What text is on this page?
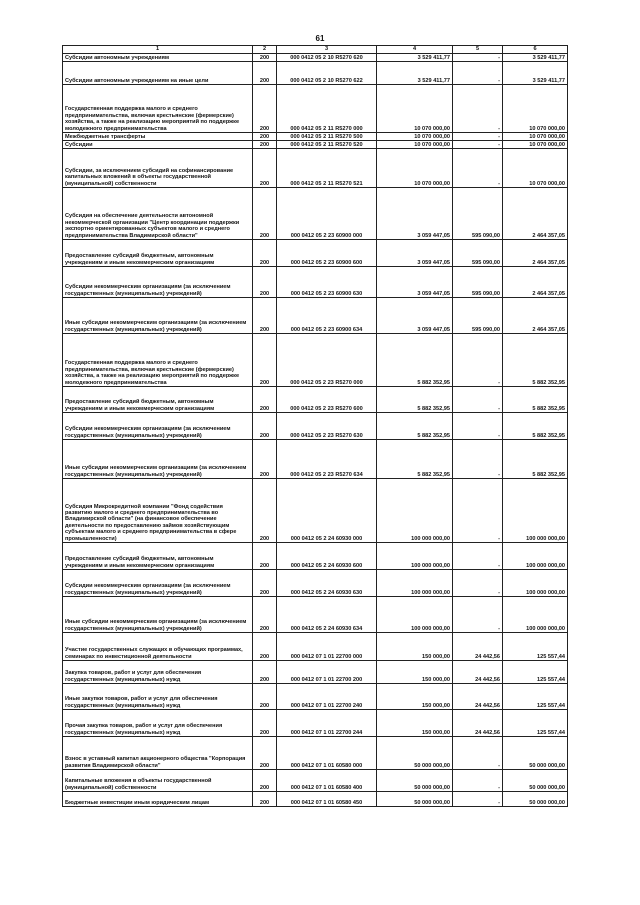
61
1	2	3	4	5	6
Субсидии автономным учреждениям	200	000 0412 05 2 10 R5270 620	3 529 411,77	-	3 529 411,77
Субсидии автономным учреждениям на иные цели	200	000 0412 05 2 10 R5270 622	3 529 411,77	-	3 529 411,77
Государственная поддержка малого и среднего предпринимательства, включая крестьянские (фермерские) хозяйства, а также на реализацию мероприятий по поддержке молодежного предпринимательства	200	000 0412 05 2 11 R5270 000	10 070 000,00	-	10 070 000,00
Межбюджетные трансферты	200	000 0412 05 2 11 R5270 500	10 070 000,00	-	10 070 000,00
Субсидии	200	000 0412 05 2 11 R5270 520	10 070 000,00	-	10 070 000,00
Субсидии, за исключением субсидий на софинансирование капитальных вложений в объекты государственной (муниципальной) собственности	200	000 0412 05 2 11 R5270 521	10 070 000,00	-	10 070 000,00
Субсидия на обеспечение деятельности автономной некоммерческой организации "Центр координации поддержки экспортно ориентированных субъектов малого и среднего предпринимательства Владимирской области"	200	000 0412 05 2 23 60900 000	3 059 447,05	595 090,00	2 464 357,05
Предоставление субсидий бюджетным, автономным учреждениям и иным некоммерческим организациям	200	000 0412 05 2 23 60900 600	3 059 447,05	595 090,00	2 464 357,05
Субсидии некоммерческим организациям (за исключением государственных (муниципальных) учреждений)	200	000 0412 05 2 23 60900 630	3 059 447,05	595 090,00	2 464 357,05
Иные субсидии некоммерческим организациям (за исключением государственных (муниципальных) учреждений)	200	000 0412 05 2 23 60900 634	3 059 447,05	595 090,00	2 464 357,05
Государственная поддержка малого и среднего предпринимательства, включая крестьянские (фермерские) хозяйства, а также на реализацию мероприятий по поддержке молодежного предпринимательства	200	000 0412 05 2 23 R5270 000	5 882 352,95	-	5 882 352,95
Предоставление субсидий бюджетным, автономным учреждениям и иным некоммерческим организациям	200	000 0412 05 2 23 R5270 600	5 882 352,95	-	5 882 352,95
Субсидии некоммерческим организациям (за исключением государственных (муниципальных) учреждений)	200	000 0412 05 2 23 R5270 630	5 882 352,95	-	5 882 352,95
Иные субсидии некоммерческим организациям (за исключением государственных (муниципальных) учреждений)	200	000 0412 05 2 23 R5270 634	5 882 352,95	-	5 882 352,95
Субсидия Микрокредитной компании "Фонд содействия развитию малого и среднего предпринимательства во Владимирской области" (на финансовое обеспечение деятельности по предоставлению займов хозяйствующим субъектам малого и среднего предпринимательства в сфере промышленности)	200	000 0412 05 2 24 60930 000	100 000 000,00	-	100 000 000,00
Предоставление субсидий бюджетным, автономным учреждениям и иным некоммерческим организациям	200	000 0412 05 2 24 60930 600	100 000 000,00	-	100 000 000,00
Субсидии некоммерческим организациям (за исключением государственных (муниципальных) учреждений)	200	000 0412 05 2 24 60930 630	100 000 000,00	-	100 000 000,00
Иные субсидии некоммерческим организациям (за исключением государственных (муниципальных) учреждений)	200	000 0412 05 2 24 60930 634	100 000 000,00	-	100 000 000,00
Участие государственных служащих в обучающих программах, семинарах по инвестиционной деятельности	200	000 0412 07 1 01 22700 000	150 000,00	24 442,56	125 557,44
Закупка товаров, работ и услуг для обеспечения государственных (муниципальных) нужд	200	000 0412 07 1 01 22700 200	150 000,00	24 442,56	125 557,44
Иные закупки товаров, работ и услуг для обеспечения государственных (муниципальных) нужд	200	000 0412 07 1 01 22700 240	150 000,00	24 442,56	125 557,44
Прочая закупка товаров, работ и услуг для обеспечения государственных (муниципальных) нужд	200	000 0412 07 1 01 22700 244	150 000,00	24 442,56	125 557,44
Взнос в уставный капитал акционерного общества "Корпорация развития Владимирской области"	200	000 0412 07 1 01 60580 000	50 000 000,00	-	50 000 000,00
Капитальные вложения в объекты государственной (муниципальной) собственности	200	000 0412 07 1 01 60580 400	50 000 000,00	-	50 000 000,00
Бюджетные инвестиции иным юридическим лицам	200	000 0412 07 1 01 60580 450	50 000 000,00	-	50 000 000,00
